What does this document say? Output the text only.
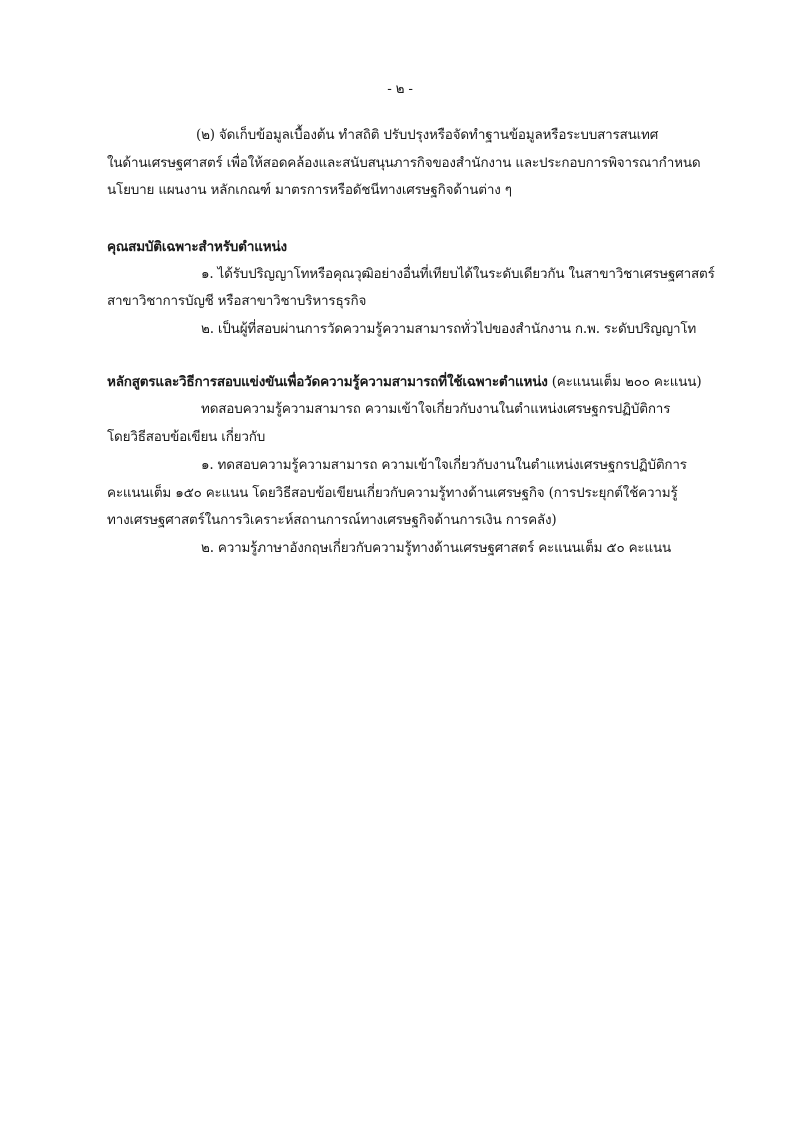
- ๒ -
(๒) จัดเก็บข้อมูลเบื้องต้น ทำสถิติ ปรับปรุงหรือจัดทำฐานข้อมูลหรือระบบสารสนเทศ
ในด้านเศรษฐศาสตร์ เพื่อให้สอดคล้องและสนับสนุนภารกิจของสำนักงาน และประกอบการพิจารณากำหนด
นโยบาย แผนงาน หลักเกณฑ์ มาตรการหรือดัชนีทางเศรษฐกิจด้านต่าง ๆ
คุณสมบัติเฉพาะสำหรับตำแหน่ง
๑. ได้รับปริญญาโทหรือคุณวุฒิอย่างอื่นที่เทียบได้ในระดับเดียวกัน ในสาขาวิชาเศรษฐศาสตร์
สาขาวิชาการบัญชี หรือสาขาวิชาบริหารธุรกิจ
๒. เป็นผู้ที่สอบผ่านการวัดความรู้ความสามารถทั่วไปของสำนักงาน ก.พ. ระดับปริญญาโท
หลักสูตรและวิธีการสอบแข่งขันเพื่อวัดความรู้ความสามารถที่ใช้เฉพาะตำแหน่ง (คะแนนเต็ม ๒๐๐ คะแนน)
ทดสอบความรู้ความสามารถ ความเข้าใจเกี่ยวกับงานในตำแหน่งเศรษฐกรปฏิบัติการ
โดยวิธีสอบข้อเขียน เกี่ยวกับ
๑. ทดสอบความรู้ความสามารถ ความเข้าใจเกี่ยวกับงานในตำแหน่งเศรษฐกรปฏิบัติการ
คะแนนเต็ม ๑๕๐ คะแนน โดยวิธีสอบข้อเขียนเกี่ยวกับความรู้ทางด้านเศรษฐกิจ (การประยุกต์ใช้ความรู้
ทางเศรษฐศาสตร์ในการวิเคราะห์สถานการณ์ทางเศรษฐกิจด้านการเงิน การคลัง)
๒. ความรู้ภาษาอังกฤษเกี่ยวกับความรู้ทางด้านเศรษฐศาสตร์ คะแนนเต็ม ๕๐ คะแนน
